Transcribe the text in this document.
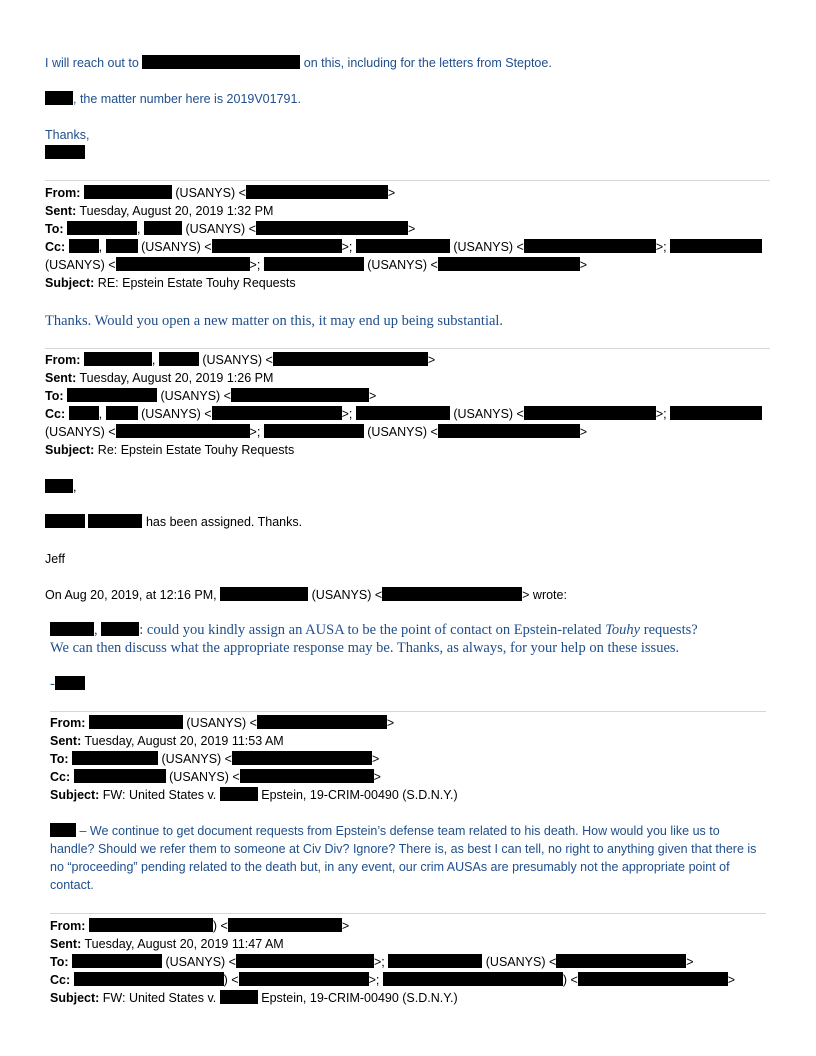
I will reach out to	on this, including for the letters from Steptoe.
, the matter number here is 2019V01791.
Thanks,
From:	(USANYS) <	>
Sent: Tuesday, August 20, 2019 1:32 PM
To:	,	(USANYS) <	>
Cc:	,	(USANYS) <	>;	(USANYS) <	>;
(USANYS) <	>;	(USANYS) <	>
Subject: RE: Epstein Estate Touhy Requests
Thanks. Would you open a new matter on this, it may end up being substantial.
From:	,	(USANYS) <	>
Sent: Tuesday, August 20, 2019 1:26 PM
To:	(USANYS) <	>
Cc:	,	(USANYS) <	>;	(USANYS) <	>;
(USANYS) <	>;	(USANYS) <	>
Subject: Re: Epstein Estate Touhy Requests
,
has been assigned. Thanks.
Jeff
On Aug 20, 2019, at 12:16 PM,	(USANYS) <	> wrote:
,	: could you kindly assign an AUSA to be the point of contact on Epstein-related Touhy requests?
We can then discuss what the appropriate response may be. Thanks, as always, for your help on these issues.
-
From:	(USANYS) <	>
Sent: Tuesday, August 20, 2019 11:53 AM
To:	(USANYS) <	>
Cc:	(USANYS) <	>
Subject: FW: United States v.	Epstein, 19-CRIM-00490 (S.D.N.Y.)
– We continue to get document requests from Epstein’s defense team related to his death. How would you like us to handle? Should we refer them to someone at Civ Div? Ignore? There is, as best I can tell, no right to anything given that there is no “proceeding” pending related to the death but, in any event, our crim AUSAs are presumably not the appropriate point of contact.
From:	) <	>
Sent: Tuesday, August 20, 2019 11:47 AM
To:	(USANYS) <	>;	(USANYS) <	>
Cc:	) <	>;	) <	>
Subject: FW: United States v.	Epstein, 19-CRIM-00490 (S.D.N.Y.)
